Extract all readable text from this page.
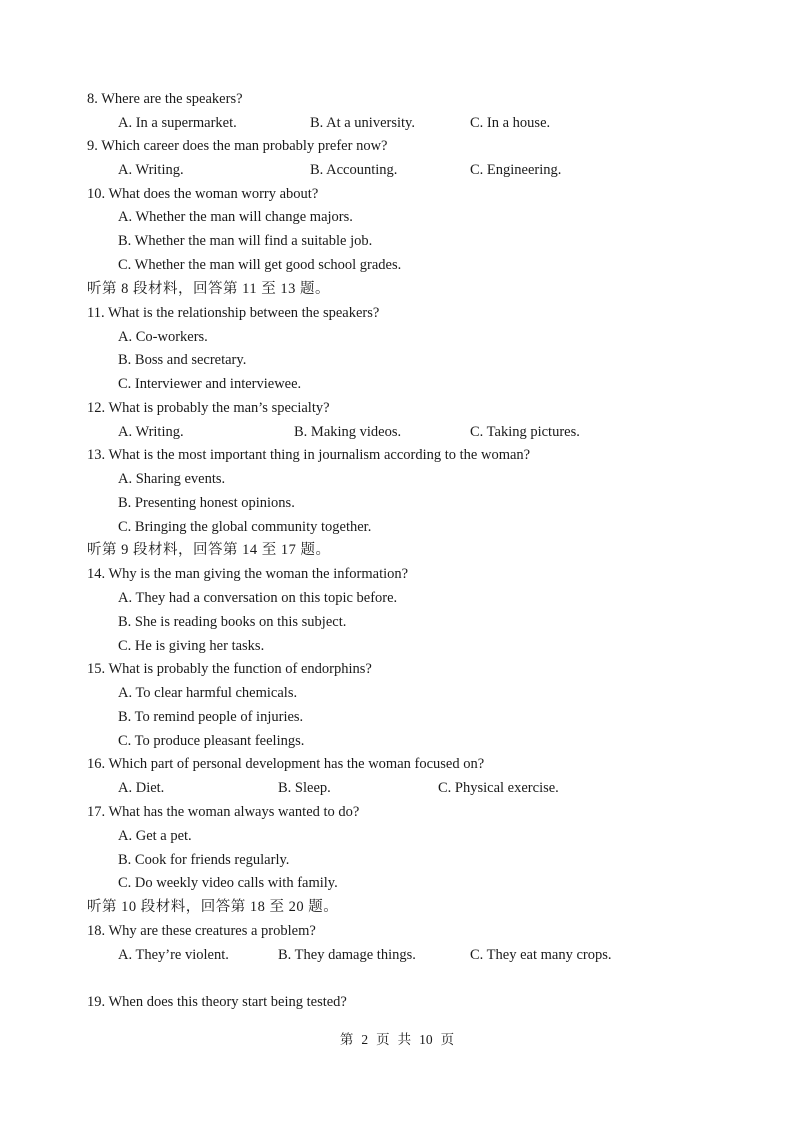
8. Where are the speakers?
A. In a supermarket.	B. At a university.	C. In a house.
9. Which career does the man probably prefer now?
A. Writing.	B. Accounting.	C. Engineering.
10. What does the woman worry about?
A. Whether the man will change majors.
B. Whether the man will find a suitable job.
C. Whether the man will get good school grades.
听第 8 段材料，回答第 11 至 13 题。
11. What is the relationship between the speakers?
A. Co-workers.
B. Boss and secretary.
C. Interviewer and interviewee.
12. What is probably the man’s specialty?
A. Writing.	B. Making videos.	C. Taking pictures.
13. What is the most important thing in journalism according to the woman?
A. Sharing events.
B. Presenting honest opinions.
C. Bringing the global community together.
听第 9 段材料，回答第 14 至 17 题。
14. Why is the man giving the woman the information?
A. They had a conversation on this topic before.
B. She is reading books on this subject.
C. He is giving her tasks.
15. What is probably the function of endorphins?
A. To clear harmful chemicals.
B. To remind people of injuries.
C. To produce pleasant feelings.
16. Which part of personal development has the woman focused on?
A. Diet.	B. Sleep.	C. Physical exercise.
17. What has the woman always wanted to do?
A. Get a pet.
B. Cook for friends regularly.
C. Do weekly video calls with family.
听第 10 段材料，回答第 18 至 20 题。
18. Why are these creatures a problem?
A. They’re violent.	B. They damage things.	C. They eat many crops.
19. When does this theory start being tested?
第 2 页 共 10 页
